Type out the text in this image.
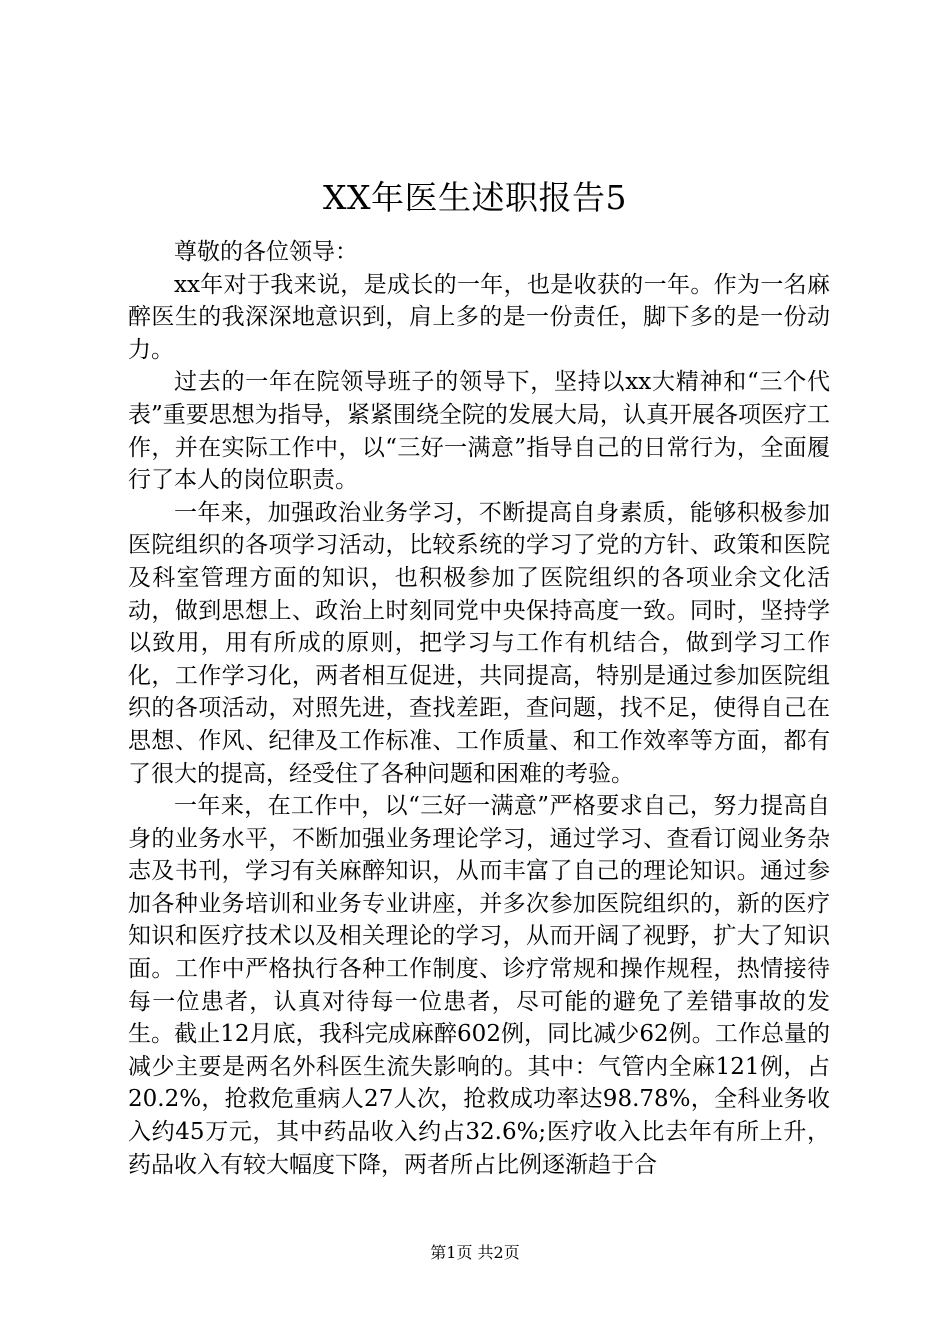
XX年医生述职报告5

尊敬的各位领导：

xx年对于我来说，是成长的一年，也是收获的一年。作为一名麻醉医生的我深深地意识到，肩上多的是一份责任，脚下多的是一份动力。

过去的一年在院领导班子的领导下，坚持以xx大精神和“三个代表”重要思想为指导，紧紧围绕全院的发展大局，认真开展各项医疗工作，并在实际工作中，以“三好一满意”指导自己的日常行为，全面履行了本人的岗位职责。

一年来，加强政治业务学习，不断提高自身素质，能够积极参加医院组织的各项学习活动，比较系统的学习了党的方针、政策和医院及科室管理方面的知识，也积极参加了医院组织的各项业余文化活动，做到思想上、政治上时刻同党中央保持高度一致。同时，坚持学以致用，用有所成的原则，把学习与工作有机结合，做到学习工作化，工作学习化，两者相互促进，共同提高，特别是通过参加医院组织的各项活动，对照先进，查找差距，查问题，找不足，使得自己在思想、作风、纪律及工作标准、工作质量、和工作效率等方面，都有了很大的提高，经受住了各种问题和困难的考验。

一年来，在工作中，以“三好一满意”严格要求自己，努力提高自身的业务水平，不断加强业务理论学习，通过学习、查看订阅业务杂志及书刊，学习有关麻醉知识，从而丰富了自己的理论知识。通过参加各种业务培训和业务专业讲座，并多次参加医院组织的，新的医疗知识和医疗技术以及相关理论的学习，从而开阔了视野，扩大了知识面。工作中严格执行各种工作制度、诊疗常规和操作规程，热情接待每一位患者，认真对待每一位患者，尽可能的避免了差错事故的发生。截止12月底，我科完成麻醉602例，同比减少62例。工作总量的减少主要是两名外科医生流失影响的。其中：气管内全麻121例，占20.2%，抢救危重病人27人次，抢救成功率达98.78%，全科业务收入约45万元，其中药品收入约占32.6%;医疗收入比去年有所上升，药品收入有较大幅度下降，两者所占比例逐渐趋于合

第1页 共2页
